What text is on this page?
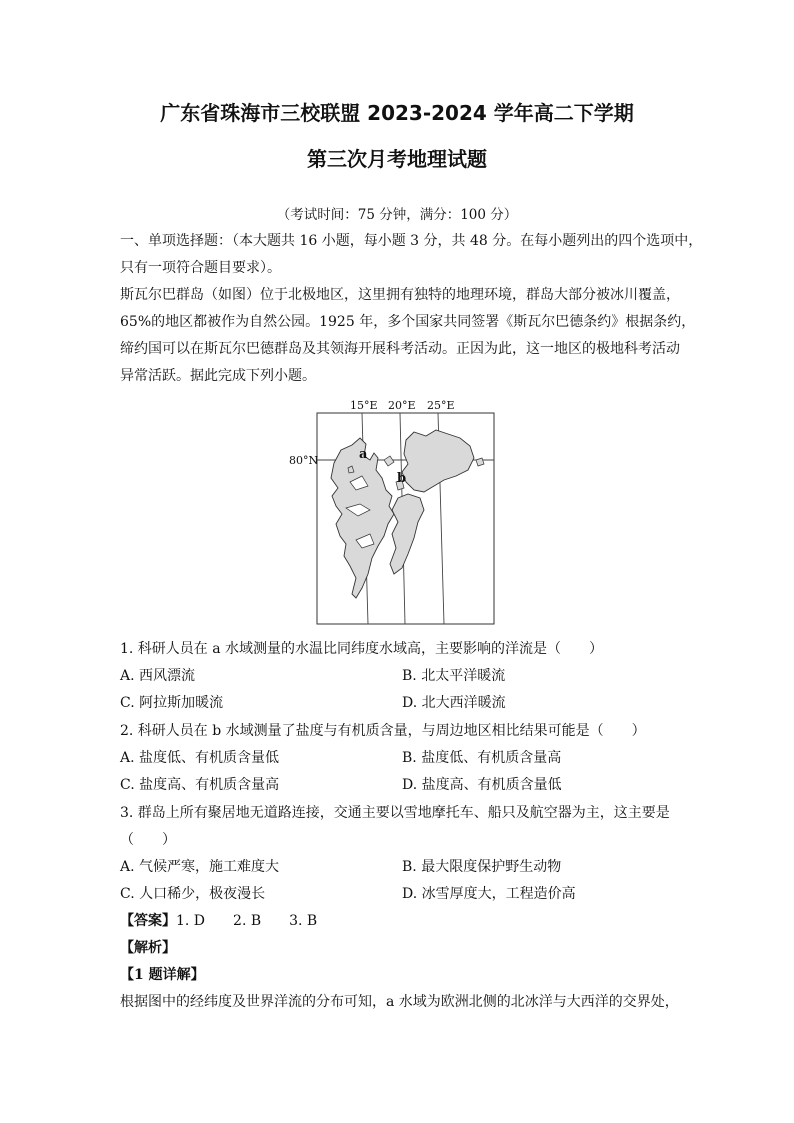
广东省珠海市三校联盟 2023-2024 学年高二下学期
第三次月考地理试题
（考试时间：75 分钟，满分：100 分）
一、单项选择题：（本大题共 16 小题，每小题 3 分，共 48 分。在每小题列出的四个选项中，
只有一项符合题目要求）。
斯瓦尔巴群岛（如图）位于北极地区，这里拥有独特的地理环境，群岛大部分被冰川覆盖，
65%的地区都被作为自然公园。1925 年，多个国家共同签署《斯瓦尔巴德条约》根据条约，
缔约国可以在斯瓦尔巴德群岛及其领海开展科考活动。正因为此，这一地区的极地科考活动
异常活跃。据此完成下列小题。
15°E 20°E 25°E
80°N	a
b
1. 科研人员在 a 水域测量的水温比同纬度水域高，主要影响的洋流是（　　）
A. 西风漂流	B. 北太平洋暖流
C. 阿拉斯加暖流	D. 北大西洋暖流
2. 科研人员在 b 水域测量了盐度与有机质含量，与周边地区相比结果可能是（　　）
A. 盐度低、有机质含量低	B. 盐度低、有机质含量高
C. 盐度高、有机质含量高	D. 盐度高、有机质含量低
3. 群岛上所有聚居地无道路连接，交通主要以雪地摩托车、船只及航空器为主，这主要是
（　　）
A. 气候严寒，施工难度大	B. 最大限度保护野生动物
C. 人口稀少，极夜漫长	D. 冰雪厚度大，工程造价高
【答案】1. D　　2. B　　3. B
【解析】
【1 题详解】
根据图中的经纬度及世界洋流的分布可知，a 水域为欧洲北侧的北冰洋与大西洋的交界处，
